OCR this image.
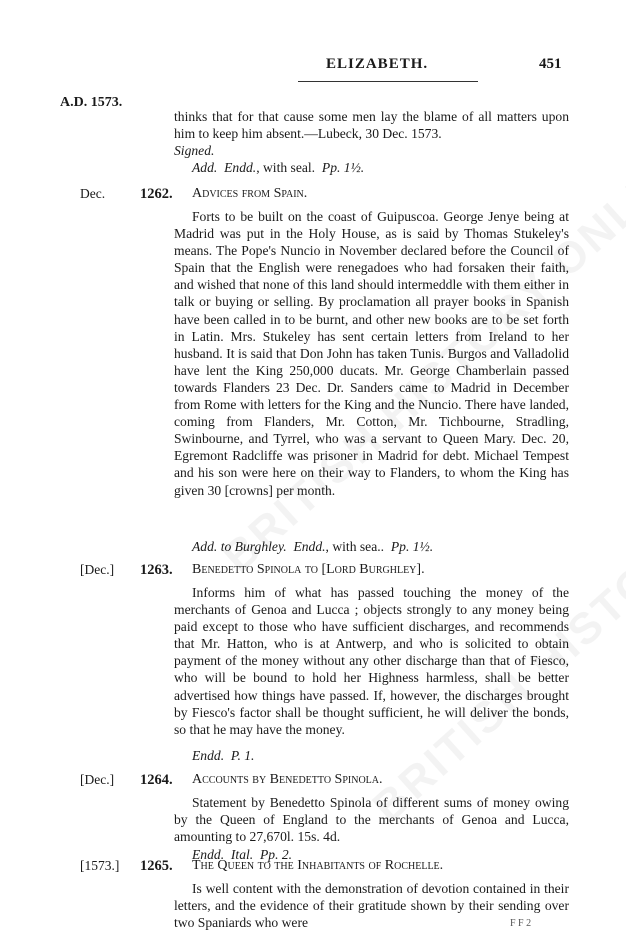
ELIZABETH.	451
A.D. 1573.

thinks that for that cause some men lay the blame of all matters upon him to keep him absent.—Lubeck, 30 Dec. 1573.

Signed.
Add. Endd., with seal. Pp. 1½.
Dec. 1262. Advices from Spain.

Forts to be built on the coast of Guipuscoa. George Jenye being at Madrid was put in the Holy House, as is said by Thomas Stukeley's means. The Pope's Nuncio in November declared before the Council of Spain that the English were renegadoes who had forsaken their faith, and wished that none of this land should intermeddle with them either in talk or buying or selling. By proclamation all prayer books in Spanish have been called in to be burnt, and other new books are to be set forth in Latin. Mrs. Stukeley has sent certain letters from Ireland to her husband. It is said that Don John has taken Tunis. Burgos and Valladolid have lent the King 250,000 ducats. Mr. George Chamberlain passed towards Flanders 23 Dec. Dr. Sanders came to Madrid in December from Rome with letters for the King and the Nuncio. There have landed, coming from Flanders, Mr. Cotton, Mr. Tichbourne, Stradling, Swinbourne, and Tyrrel, who was a servant to Queen Mary. Dec. 20, Egremont Radcliffe was prisoner in Madrid for debt. Michael Tempest and his son were here on their way to Flanders, to whom the King has given 30 [crowns] per month.

Add. to Burghley. Endd., with sea.. Pp. 1½.
[Dec.] 1263. Benedetto Spinola to [Lord Burghley].

Informs him of what has passed touching the money of the merchants of Genoa and Lucca ; objects strongly to any money being paid except to those who have sufficient discharges, and recommends that Mr. Hatton, who is at Antwerp, and who is solicited to obtain payment of the money without any other discharge than that of Fiesco, who will be bound to hold her Highness harmless, shall be better advertised how things have passed. If, however, the discharges brought by Fiesco's factor shall be thought sufficient, he will deliver the bonds, so that he may have the money.

Endd. P. 1.
[Dec.] 1264. Accounts by Benedetto Spinola.

Statement by Benedetto Spinola of different sums of money owing by the Queen of England to the merchants of Genoa and Lucca, amounting to 27,670l. 15s. 4d.

Endd. Ital. Pp. 2.
[1573.] 1265. The Queen to the Inhabitants of Rochelle.

Is well content with the demonstration of devotion contained in their letters, and the evidence of their gratitude shown by their sending over two Spaniards who were	F F 2
